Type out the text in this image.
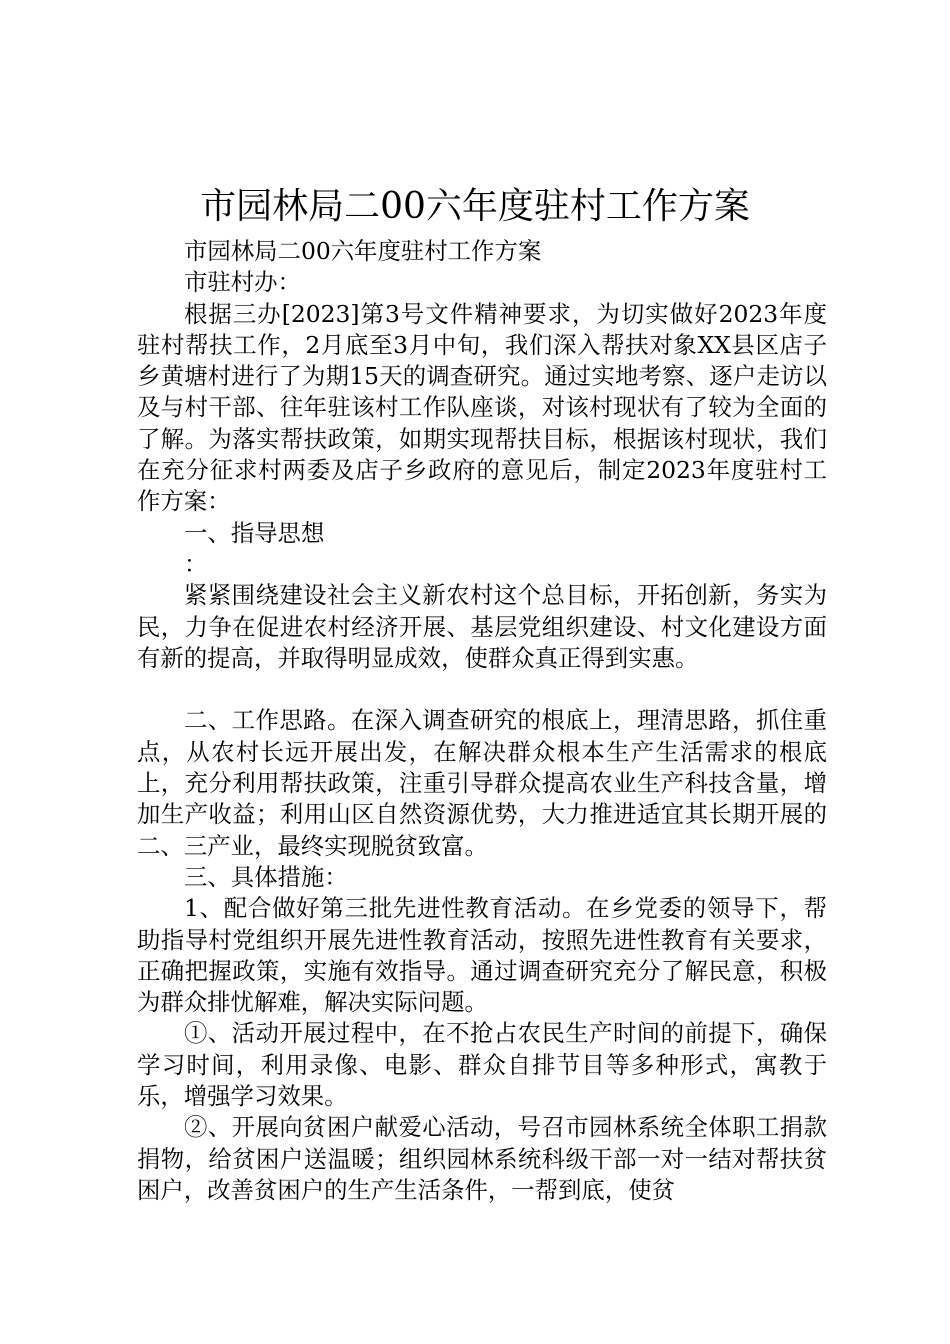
市园林局二00六年度驻村工作方案

市园林局二00六年度驻村工作方案

市驻村办：

根据三办[2023]第3号文件精神要求，为切实做好2023年度驻村帮扶工作，2月底至3月中旬，我们深入帮扶对象XX县区店子乡黄塘村进行了为期15天的调查研究。通过实地考察、逐户走访以及与村干部、往年驻该村工作队座谈，对该村现状有了较为全面的了解。为落实帮扶政策，如期实现帮扶目标，根据该村现状，我们在充分征求村两委及店子乡政府的意见后，制定2023年度驻村工作方案：

一、指导思想

：

紧紧围绕建设社会主义新农村这个总目标，开拓创新，务实为民，力争在促进农村经济开展、基层党组织建设、村文化建设方面有新的提高，并取得明显成效，使群众真正得到实惠。

二、工作思路。在深入调查研究的根底上，理清思路，抓住重点，从农村长远开展出发，在解决群众根本生产生活需求的根底上，充分利用帮扶政策，注重引导群众提高农业生产科技含量，增加生产收益；利用山区自然资源优势，大力推进适宜其长期开展的二、三产业，最终实现脱贫致富。

三、具体措施：

1、配合做好第三批先进性教育活动。在乡党委的领导下，帮助指导村党组织开展先进性教育活动，按照先进性教育有关要求，正确把握政策，实施有效指导。通过调查研究充分了解民意，积极为群众排忧解难，解决实际问题。

①、活动开展过程中，在不抢占农民生产时间的前提下，确保学习时间，利用录像、电影、群众自排节目等多种形式，寓教于乐，增强学习效果。

②、开展向贫困户献爱心活动，号召市园林系统全体职工捐款捐物，给贫困户送温暖；组织园林系统科级干部一对一结对帮扶贫困户，改善贫困户的生产生活条件，一帮到底，使贫
